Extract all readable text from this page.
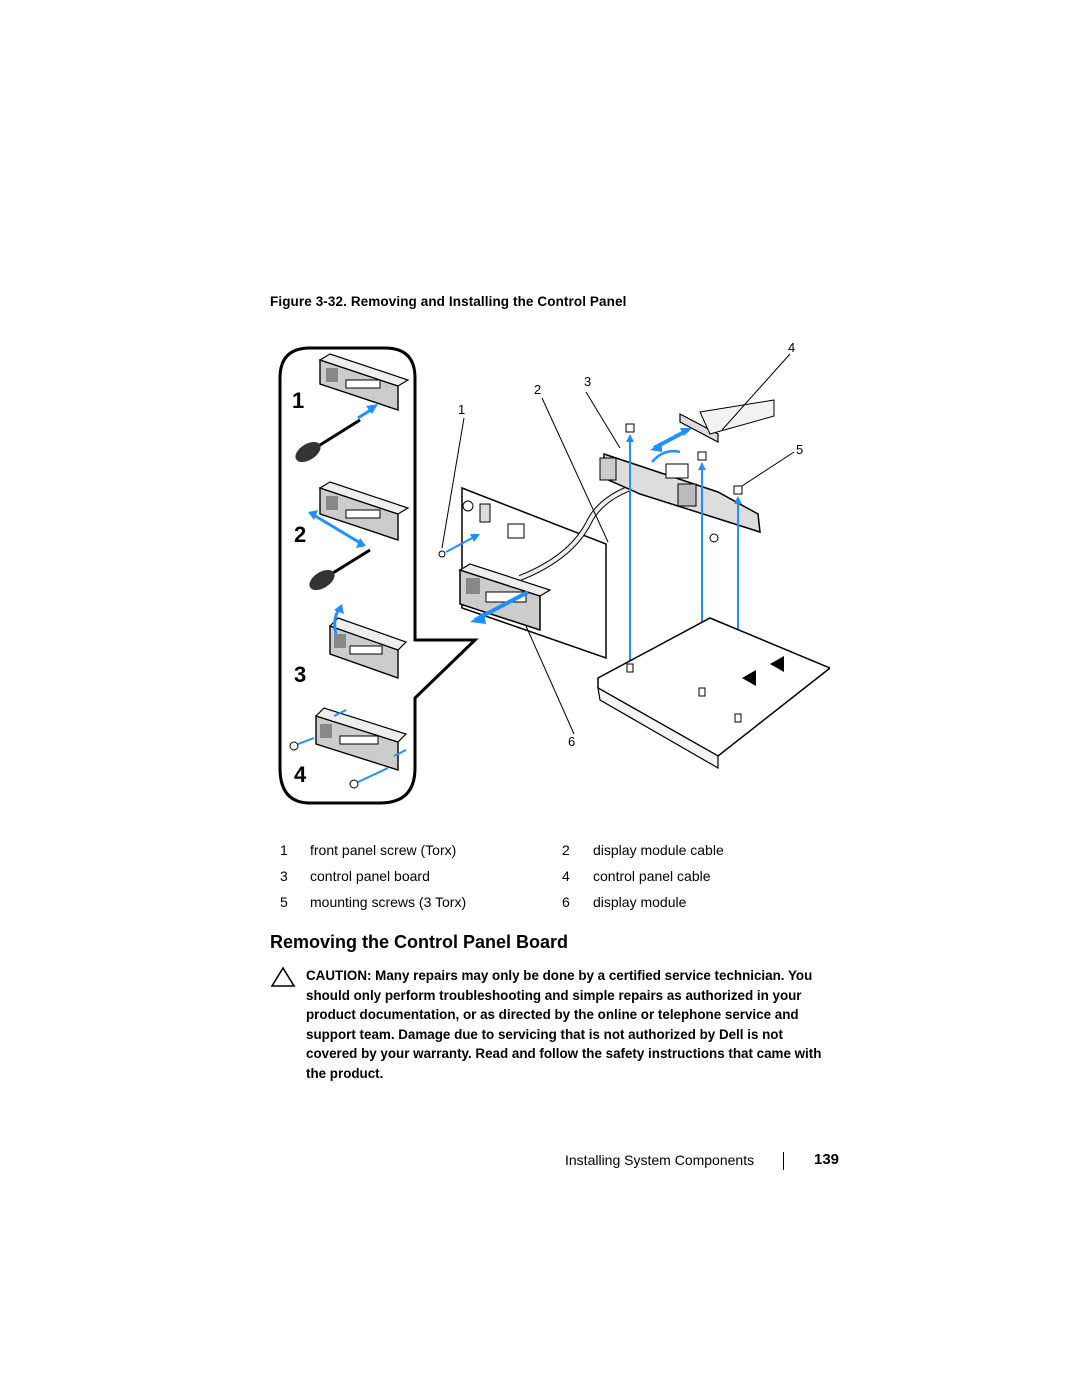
Figure 3-32. Removing and Installing the Control Panel
1
2
3
4
1
2
3
4
5
6
1 front panel screw (Torx)	2 display module cable
3 control panel board	4 control panel cable
5 mounting screws (3 Torx)	6 display module
Removing the Control Panel Board
CAUTION: Many repairs may only be done by a certified service technician. You should only perform troubleshooting and simple repairs as authorized in your product documentation, or as directed by the online or telephone service and support team. Damage due to servicing that is not authorized by Dell is not covered by your warranty. Read and follow the safety instructions that came with the product.
Installing System Components	139
